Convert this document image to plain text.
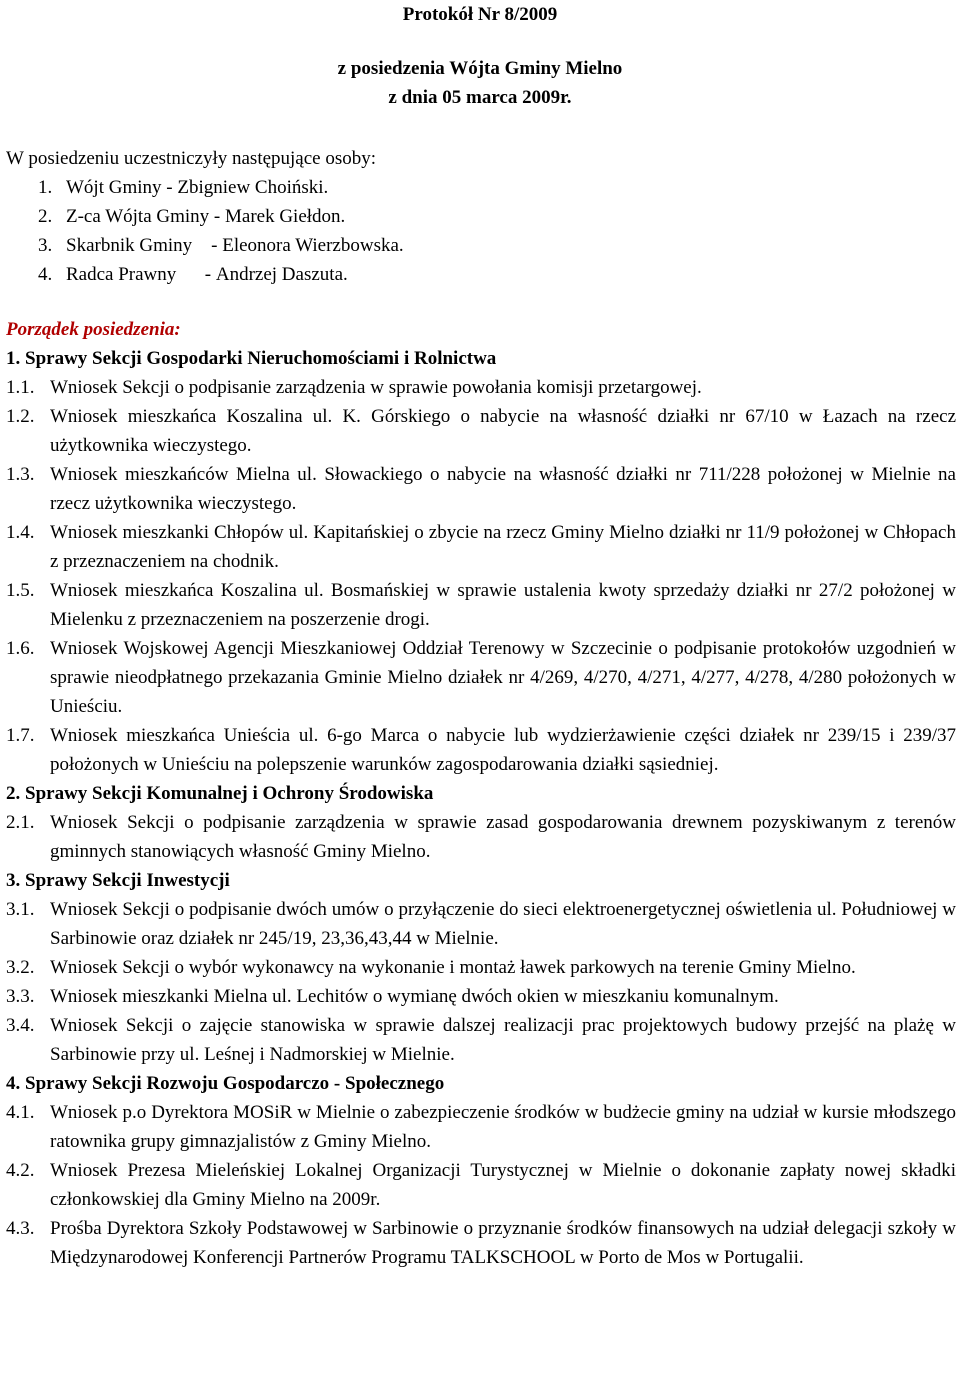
Protokół Nr 8/2009
z posiedzenia Wójta Gminy Mielno
z dnia 05 marca 2009r.
W posiedzeniu uczestniczyły następujące osoby:
1. Wójt Gminy - Zbigniew Choiński.
2. Z-ca Wójta Gminy - Marek Giełdon.
3. Skarbnik Gminy    - Eleonora Wierzbowska.
4. Radca Prawny      - Andrzej Daszuta.
Porządek posiedzenia:
1. Sprawy Sekcji Gospodarki Nieruchomościami i Rolnictwa
1.1. Wniosek Sekcji o podpisanie zarządzenia w sprawie powołania komisji przetargowej.
1.2. Wniosek mieszkańca Koszalina ul. K. Górskiego o nabycie na własność działki nr 67/10 w Łazach na rzecz użytkownika wieczystego.
1.3. Wniosek mieszkańców Mielna ul. Słowackiego o nabycie na własność działki nr 711/228 położonej w Mielnie na rzecz użytkownika wieczystego.
1.4. Wniosek mieszkanki Chłopów ul. Kapitańskiej o zbycie na rzecz Gminy Mielno działki nr 11/9 położonej w Chłopach z przeznaczeniem na chodnik.
1.5. Wniosek mieszkańca Koszalina ul. Bosmańskiej w sprawie ustalenia kwoty sprzedaży działki nr 27/2 położonej w Mielenku z przeznaczeniem na poszerzenie drogi.
1.6. Wniosek Wojskowej Agencji Mieszkaniowej Oddział Terenowy w Szczecinie o podpisanie protokołów uzgodnień w sprawie nieodpłatnego przekazania Gminie Mielno działek nr 4/269, 4/270, 4/271, 4/277, 4/278, 4/280 położonych w Unieściu.
1.7. Wniosek mieszkańca Unieścia ul. 6-go Marca o nabycie lub wydzierżawienie części działek nr 239/15 i 239/37 położonych w Unieściu na polepszenie warunków zagospodarowania działki sąsiedniej.
2. Sprawy Sekcji Komunalnej i Ochrony Środowiska
2.1. Wniosek Sekcji o podpisanie zarządzenia w sprawie zasad gospodarowania drewnem pozyskiwanym z terenów gminnych stanowiących własność Gminy Mielno.
3. Sprawy Sekcji Inwestycji
3.1. Wniosek Sekcji o podpisanie dwóch umów o przyłączenie do sieci elektroenergetycznej oświetlenia ul. Południowej w Sarbinowie oraz działek nr 245/19, 23,36,43,44 w Mielnie.
3.2. Wniosek Sekcji o wybór wykonawcy na wykonanie i montaż ławek parkowych na terenie Gminy Mielno.
3.3. Wniosek mieszkanki Mielna ul. Lechitów o wymianę dwóch okien w mieszkaniu komunalnym.
3.4. Wniosek Sekcji o zajęcie stanowiska w sprawie dalszej realizacji prac projektowych budowy przejść na plażę w Sarbinowie przy ul. Leśnej i Nadmorskiej w Mielnie.
4. Sprawy Sekcji Rozwoju Gospodarczo - Społecznego
4.1. Wniosek p.o Dyrektora MOSiR w Mielnie o zabezpieczenie środków w budżecie gminy na udział w kursie młodszego ratownika grupy gimnazjalistów z Gminy Mielno.
4.2. Wniosek Prezesa Mieleńskiej Lokalnej Organizacji Turystycznej w Mielnie o dokonanie zapłaty nowej składki członkowskiej dla Gminy Mielno na 2009r.
4.3. Prośba Dyrektora Szkoły Podstawowej w Sarbinowie o przyznanie środków finansowych na udział delegacji szkoły w Międzynarodowej Konferencji Partnerów Programu TALKSCHOOL w Porto de Mos w Portugalii.
